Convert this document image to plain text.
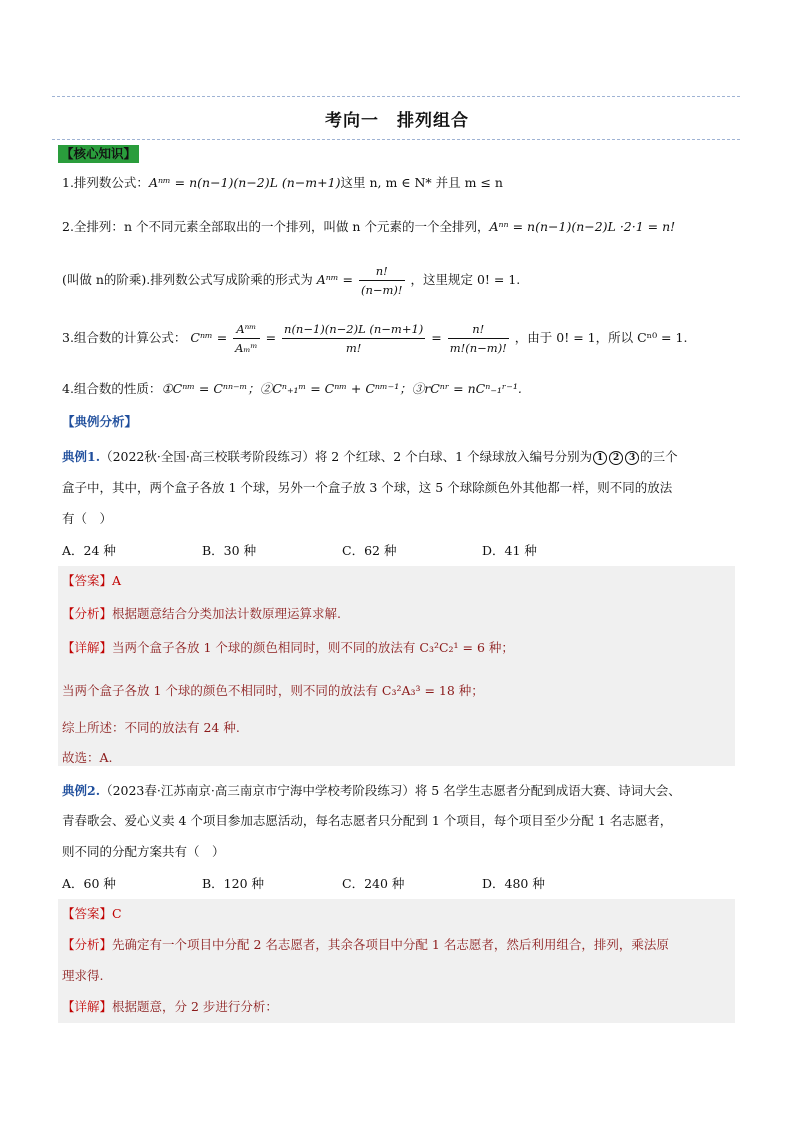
考向一　排列组合
【核心知识】
1.排列数公式：Aⁿᵐ = n(n−1)(n−2)L (n−m+1)这里 n, m ∈ N* 并且 m ≤ n
2.全排列：n 个不同元素全部取出的一个排列，叫做 n 个元素的一个全排列，Aⁿⁿ = n(n−1)(n−2)L ·2·1 = n!
(叫做 n的阶乘).排列数公式写成阶乘的形式为 Aⁿᵐ = $\frac{n!}{(n-m)!}$ ，这里规定 0! = 1.
3.组合数的计算公式： Cⁿᵐ = $\frac{\text{Aⁿᵐ}}{\text{Aₘᵐ}} = \frac{n(n-1)(n-2)L (n-m+1)}{m!} = \frac{n!}{m!(n-m)!}$ ，由于 0! = 1，所以 Cⁿ⁰ = 1.
4.组合数的性质：①Cⁿᵐ = Cⁿⁿ⁻ᵐ；②Cⁿ₊₁ᵐ = Cⁿᵐ + Cⁿᵐ⁻¹；③rCⁿʳ = nCⁿ₋₁ʳ⁻¹.
【典例分析】
典例1.（2022秋·全国·高三校联考阶段练习）将 2 个红球、2 个白球、1 个绿球放入编号分别为 1 2 3 的三个
盒子中，其中，两个盒子各放 1 个球，另外一个盒子放 3 个球，这 5 个球除颜色外其他都一样，则不同的放法
有（　）
A．24 种	B．30 种	C．62 种	D．41 种
【答案】A
【分析】根据题意结合分类加法计数原理运算求解.
【详解】当两个盒子各放 1 个球的颜色相同时，则不同的放法有 C₃²C₂¹ = 6 种；
当两个盒子各放 1 个球的颜色不相同时，则不同的放法有 C₃²A₃³ = 18 种；
综上所述：不同的放法有 24 种.
故选：A.
典例2.（2023春·江苏南京·高三南京市宁海中学校考阶段练习）将 5 名学生志愿者分配到成语大赛、诗词大会、
青春歌会、爱心义卖 4 个项目参加志愿活动，每名志愿者只分配到 1 个项目，每个项目至少分配 1 名志愿者，
则不同的分配方案共有（　）
A．60 种	B．120 种	C．240 种	D．480 种
【答案】C
【分析】先确定有一个项目中分配 2 名志愿者，其余各项目中分配 1 名志愿者，然后利用组合，排列，乘法原
理求得.
【详解】根据题意，分 2 步进行分析：
